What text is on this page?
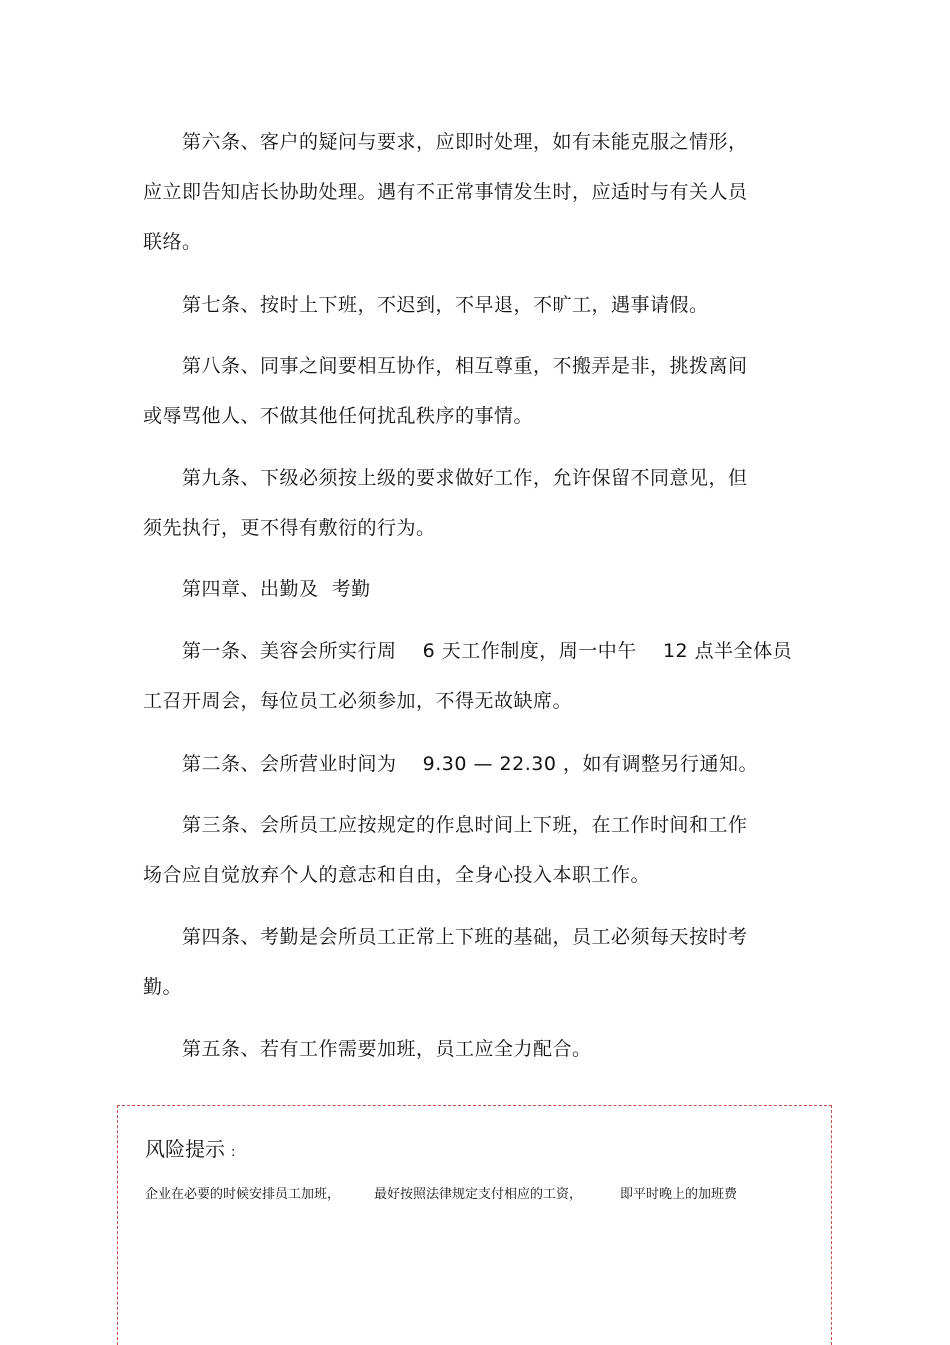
第六条、客户的疑问与要求，应即时处理，如有未能克服之情形，
应立即告知店长协助处理。遇有不正常事情发生时，应适时与有关人员
联络。
第七条、按时上下班，不迟到，不早退，不旷工，遇事请假。
第八条、同事之间要相互协作，相互尊重，不搬弄是非，挑拨离间
或辱骂他人、不做其他任何扰乱秩序的事情。
第九条、下级必须按上级的要求做好工作，允许保留不同意见，但
须先执行，更不得有敷衍的行为。
第四章、出勤及  考勤
第一条、美容会所实行周    6 天工作制度，周一中午    12 点半全体员
工召开周会，每位员工必须参加，不得无故缺席。
第二条、会所营业时间为    9.30 — 22.30 ，如有调整另行通知。
第三条、会所员工应按规定的作息时间上下班，在工作时间和工作
场合应自觉放弃个人的意志和自由，全身心投入本职工作。
第四条、考勤是会所员工正常上下班的基础，员工必须每天按时考
勤。
第五条、若有工作需要加班，员工应全力配合。
风险提示 :
企业在必要的时候安排员工加班，	最好按照法律规定支付相应的工资，	即平时晚上的加班费
